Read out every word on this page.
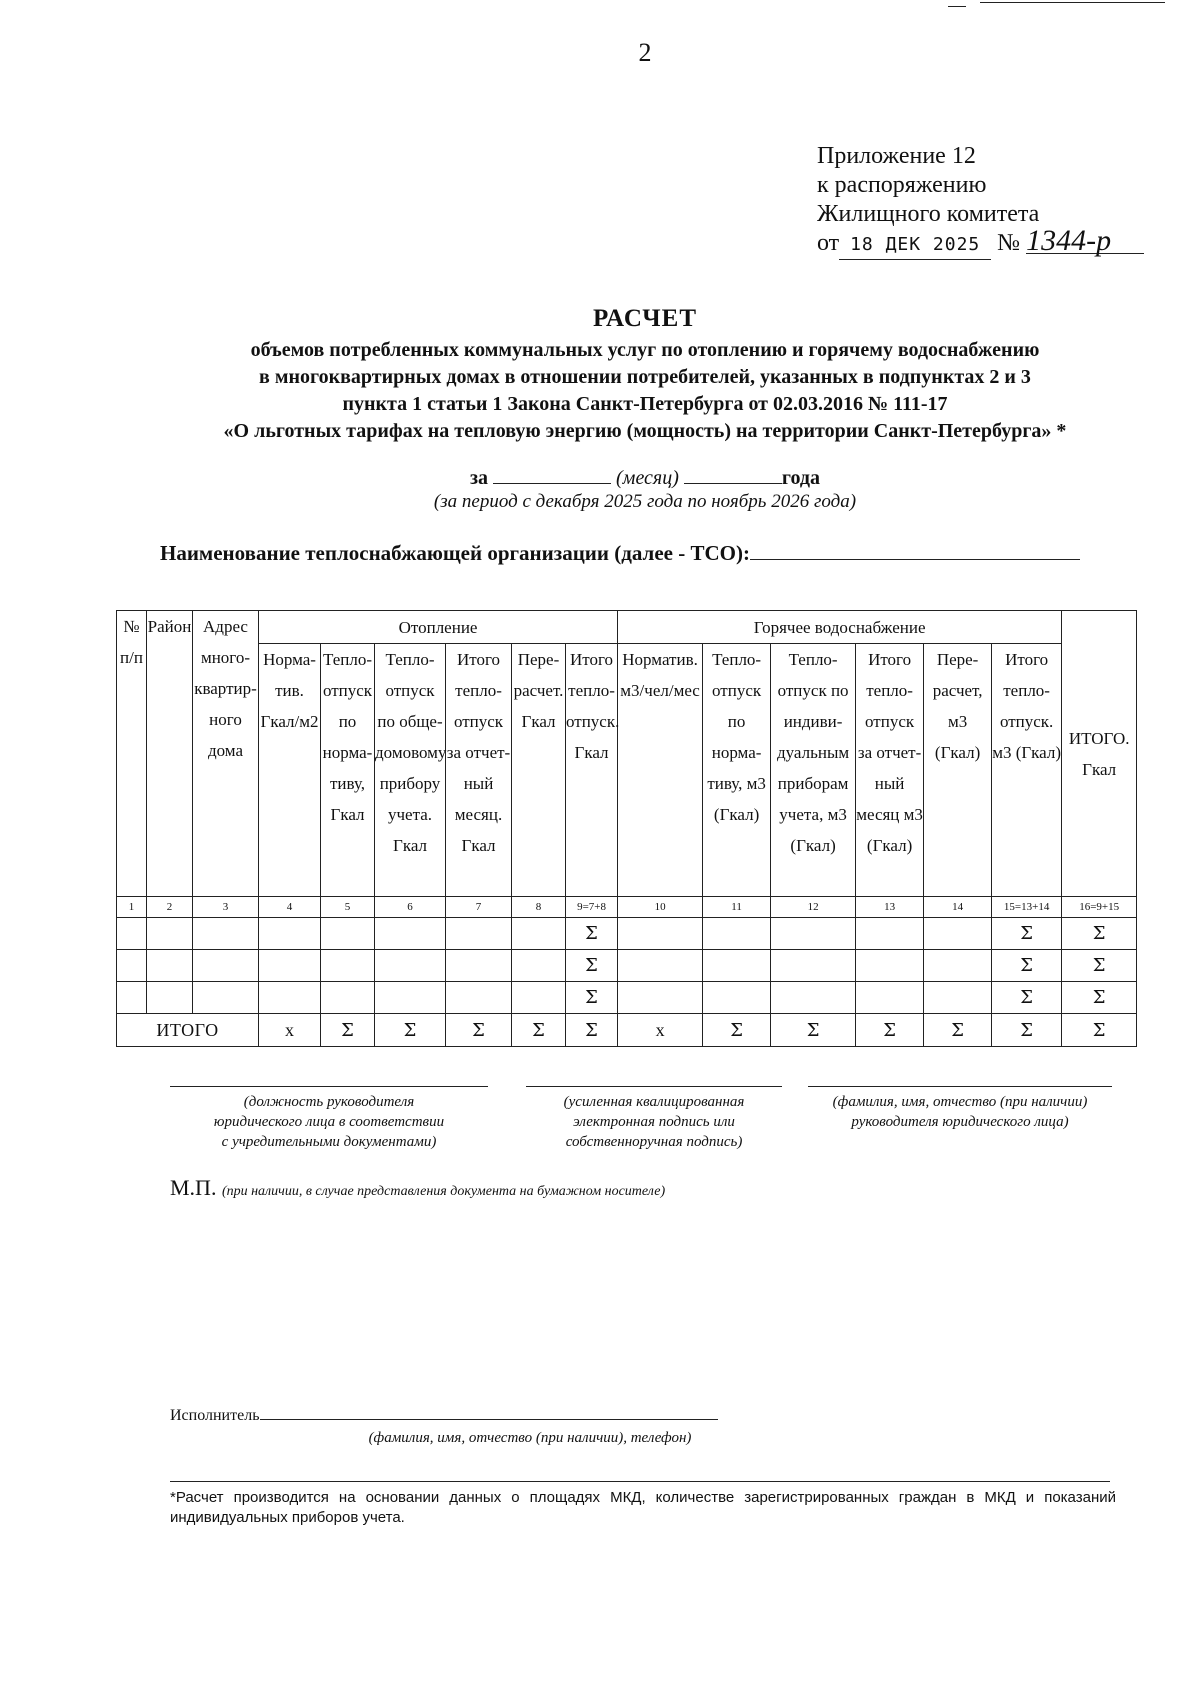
2
Приложение 12
к распоряжению
Жилищного комитета
от 18 ДЕК 2025 № 1344-р
РАСЧЕТ
объемов потребленных коммунальных услуг по отоплению и горячему водоснабжению
в многоквартирных домах в отношении потребителей, указанных в подпунктах 2 и 3
пункта 1 статьи 1 Закона Санкт-Петербурга от 02.03.2016 № 111-17
«О льготных тарифах на тепловую энергию (мощность) на территории Санкт-Петербурга» *
за	(месяц)	года
(за период с декабря 2025 года по ноябрь 2026 года)
Наименование теплоснабжающей организации (далее - ТСО):
№ п/п	Район	Адрес много-квартир-ного дома	Отопление						Горячее водоснабжение						ИТОГО. Гкал
			Норма-тив. Гкал/м2	Тепло-отпуск по норма-тиву, Гкал	Тепло-отпуск по обще-домовому прибору учета. Гкал	Итого тепло-отпуск за отчет-ный месяц. Гкал	Пере-расчет. Гкал	Итого тепло-отпуск. Гкал	Норматив. м3/чел/мес	Тепло-отпуск по норма-тиву, м3 (Гкал)	Тепло-отпуск по индиви-дуальным приборам учета, м3 (Гкал)	Итого тепло-отпуск за отчет-ный месяц м3 (Гкал)	Пере-расчет, м3 (Гкал)	Итого тепло-отпуск. м3 (Гкал)	
1	2	3	4	5	6	7	8	9=7+8	10	11	12	13	14	15=13+14	16=9+15
								Σ						Σ	Σ
								Σ						Σ	Σ
								Σ						Σ	Σ
ИТОГО			х	Σ	Σ	Σ	Σ	Σ	х	Σ	Σ	Σ	Σ	Σ	Σ
(должность руководителя
юридического лица в соответствии
с учредительными документами)
(усиленная квалицированная
электронная подпись или
собственноручная подпись)
(фамилия, имя, отчество (при наличии)
руководителя юридического лица)
М.П. (при наличии, в случае представления документа на бумажном носителе)
Исполнитель
(фамилия, имя, отчество (при наличии), телефон)
*Расчет производится на основании данных о площадях МКД, количестве зарегистрированных граждан в МКД и показаний индивидуальных приборов учета.
